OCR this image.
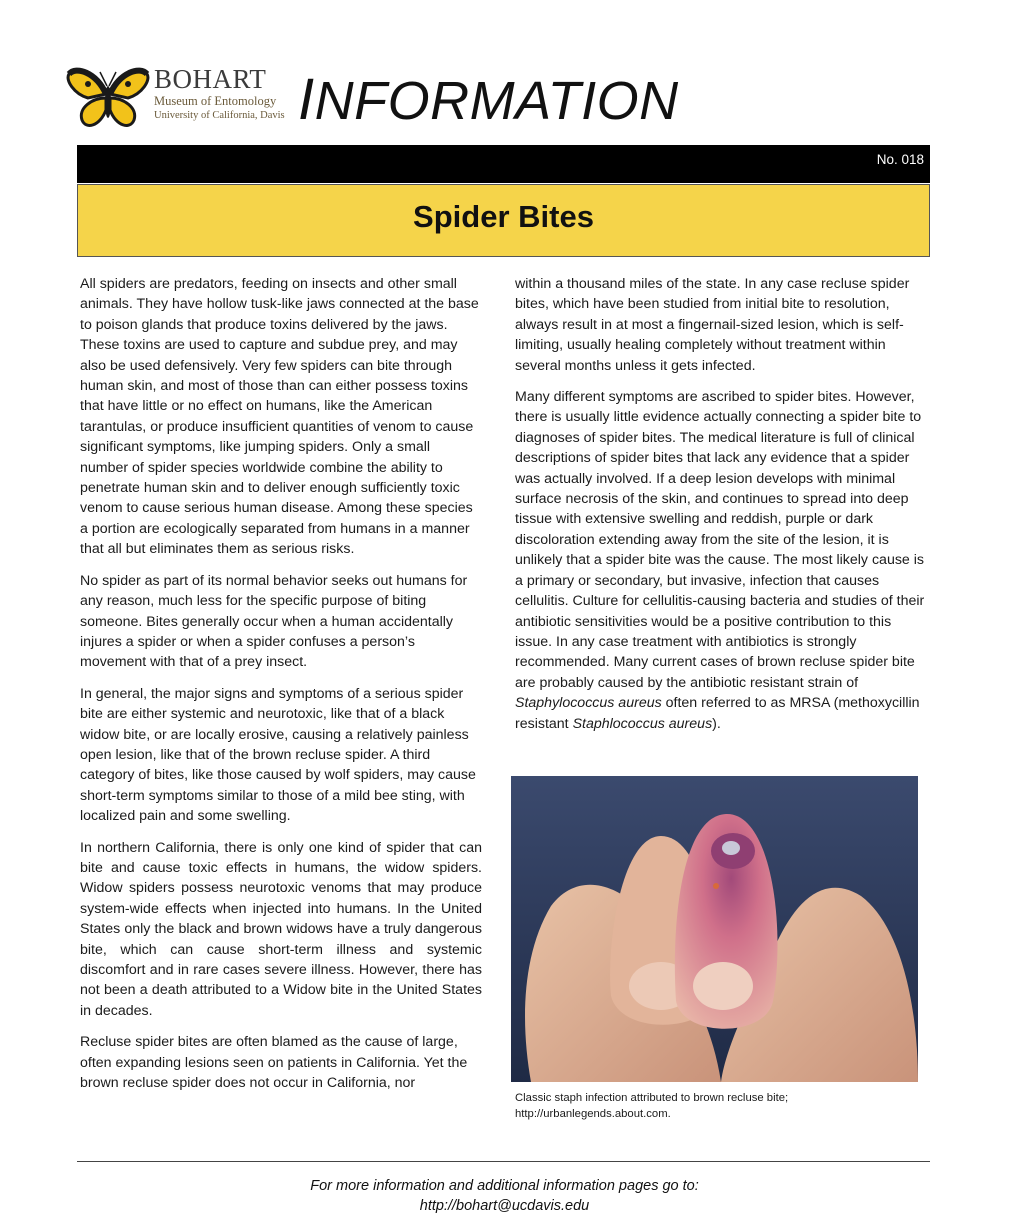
BOHART
Museum of Entomology
University of California, Davis INFORMATION
No. 018
Spider Bites

All spiders are predators, feeding on insects and other small animals. They have hollow tusk-like jaws connected at the base to poison glands that produce toxins delivered by the jaws. These toxins are used to capture and subdue prey, and may also be used defensively. Very few spiders can bite through human skin, and most of those than can either possess toxins that have little or no effect on humans, like the American tarantulas, or produce insufficient quantities of venom to cause significant symptoms, like jumping spiders. Only a small number of spider species worldwide combine the ability to penetrate human skin and to deliver enough sufficiently toxic venom to cause serious human disease. Among these species a portion are ecologically separated from humans in a manner that all but eliminates them as serious risks.

No spider as part of its normal behavior seeks out humans for any reason, much less for the specific purpose of biting someone. Bites generally occur when a human accidentally injures a spider or when a spider confuses a person’s movement with that of a prey insect.

In general, the major signs and symptoms of a serious spider bite are either systemic and neurotoxic, like that of a black widow bite, or are locally erosive, causing a relatively painless open lesion, like that of the brown recluse spider. A third category of bites, like those caused by wolf spiders, may cause short-term symptoms similar to those of a mild bee sting, with localized pain and some swelling.

In northern California, there is only one kind of spider that can bite and cause toxic effects in humans, the widow spiders. Widow spiders possess neurotoxic venoms that may produce system-wide effects when injected into humans. In the United States only the black and brown widows have a truly dangerous bite, which can cause short-term illness and systemic discomfort and in rare cases severe illness. However, there has not been a death attributed to a Widow bite in the United States in decades.

Recluse spider bites are often blamed as the cause of large, often expanding lesions seen on patients in California. Yet the brown recluse spider does not occur in California, nor

within a thousand miles of the state. In any case recluse spider bites, which have been studied from initial bite to resolution, always result in at most a fingernail-sized lesion, which is self-limiting, usually healing completely without treatment within several months unless it gets infected.

Many different symptoms are ascribed to spider bites. However, there is usually little evidence actually connecting a spider bite to diagnoses of spider bites. The medical literature is full of clinical descriptions of spider bites that lack any evidence that a spider was actually involved. If a deep lesion develops with minimal surface necrosis of the skin, and continues to spread into deep tissue with extensive swelling and reddish, purple or dark discoloration extending away from the site of the lesion, it is unlikely that a spider bite was the cause. The most likely cause is a primary or secondary, but invasive, infection that causes cellulitis. Culture for cellulitis-causing bacteria and studies of their antibiotic sensitivities would be a positive contribution to this issue. In any case treatment with antibiotics is strongly recommended. Many current cases of brown recluse spider bite are probably caused by the antibiotic resistant strain of Staphylococcus aureus often referred to as MRSA (methoxycillin resistant Staphlococcus aureus).

Classic staph infection attributed to brown recluse bite;
http://urbanlegends.about.com.
For more information and additional information pages go to:
http://bohart@ucdavis.edu
